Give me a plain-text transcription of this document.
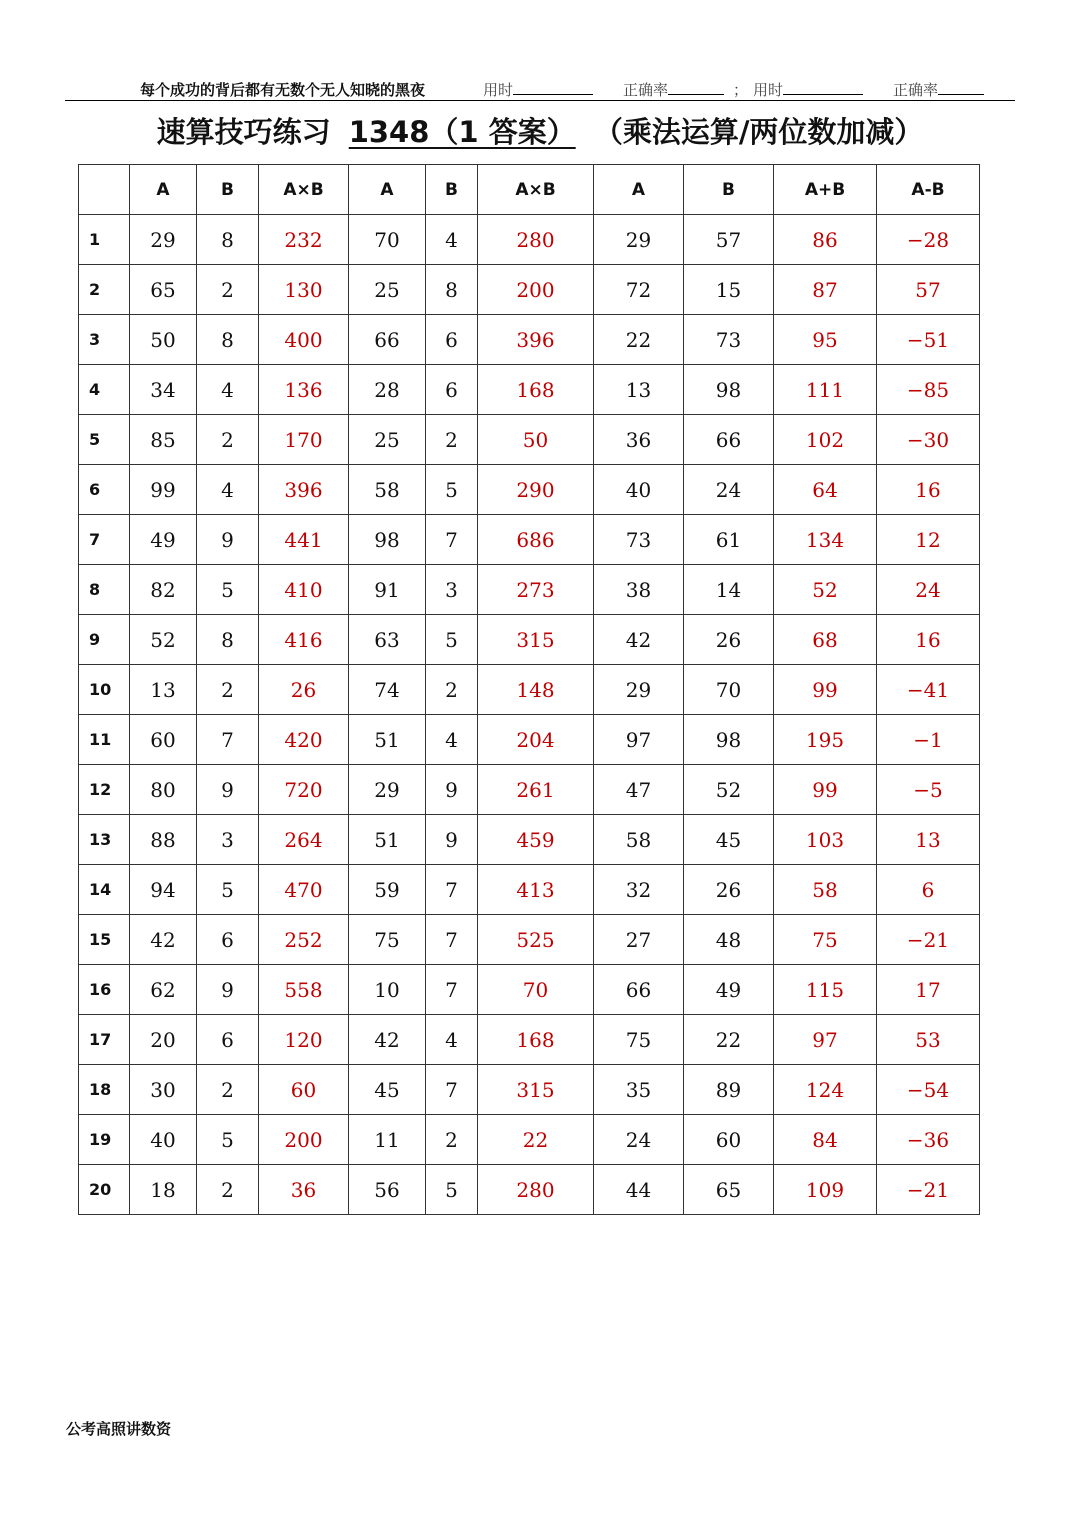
每个成功的背后都有无数个无人知晓的黑夜	用时	正确率	； 用时	正确率
速算技巧练习 1348（1 答案） （乘法运算/两位数加减）
	A	B	A×B	A	B	A×B	A	B	A+B	A-B
1	29	8	232	70	4	280	29	57	86	−28
2	65	2	130	25	8	200	72	15	87	57
3	50	8	400	66	6	396	22	73	95	−51
4	34	4	136	28	6	168	13	98	111	−85
5	85	2	170	25	2	50	36	66	102	−30
6	99	4	396	58	5	290	40	24	64	16
7	49	9	441	98	7	686	73	61	134	12
8	82	5	410	91	3	273	38	14	52	24
9	52	8	416	63	5	315	42	26	68	16
10	13	2	26	74	2	148	29	70	99	−41
11	60	7	420	51	4	204	97	98	195	−1
12	80	9	720	29	9	261	47	52	99	−5
13	88	3	264	51	9	459	58	45	103	13
14	94	5	470	59	7	413	32	26	58	6
15	42	6	252	75	7	525	27	48	75	−21
16	62	9	558	10	7	70	66	49	115	17
17	20	6	120	42	4	168	75	22	97	53
18	30	2	60	45	7	315	35	89	124	−54
19	40	5	200	11	2	22	24	60	84	−36
20	18	2	36	56	5	280	44	65	109	−21
公考高照讲数资
